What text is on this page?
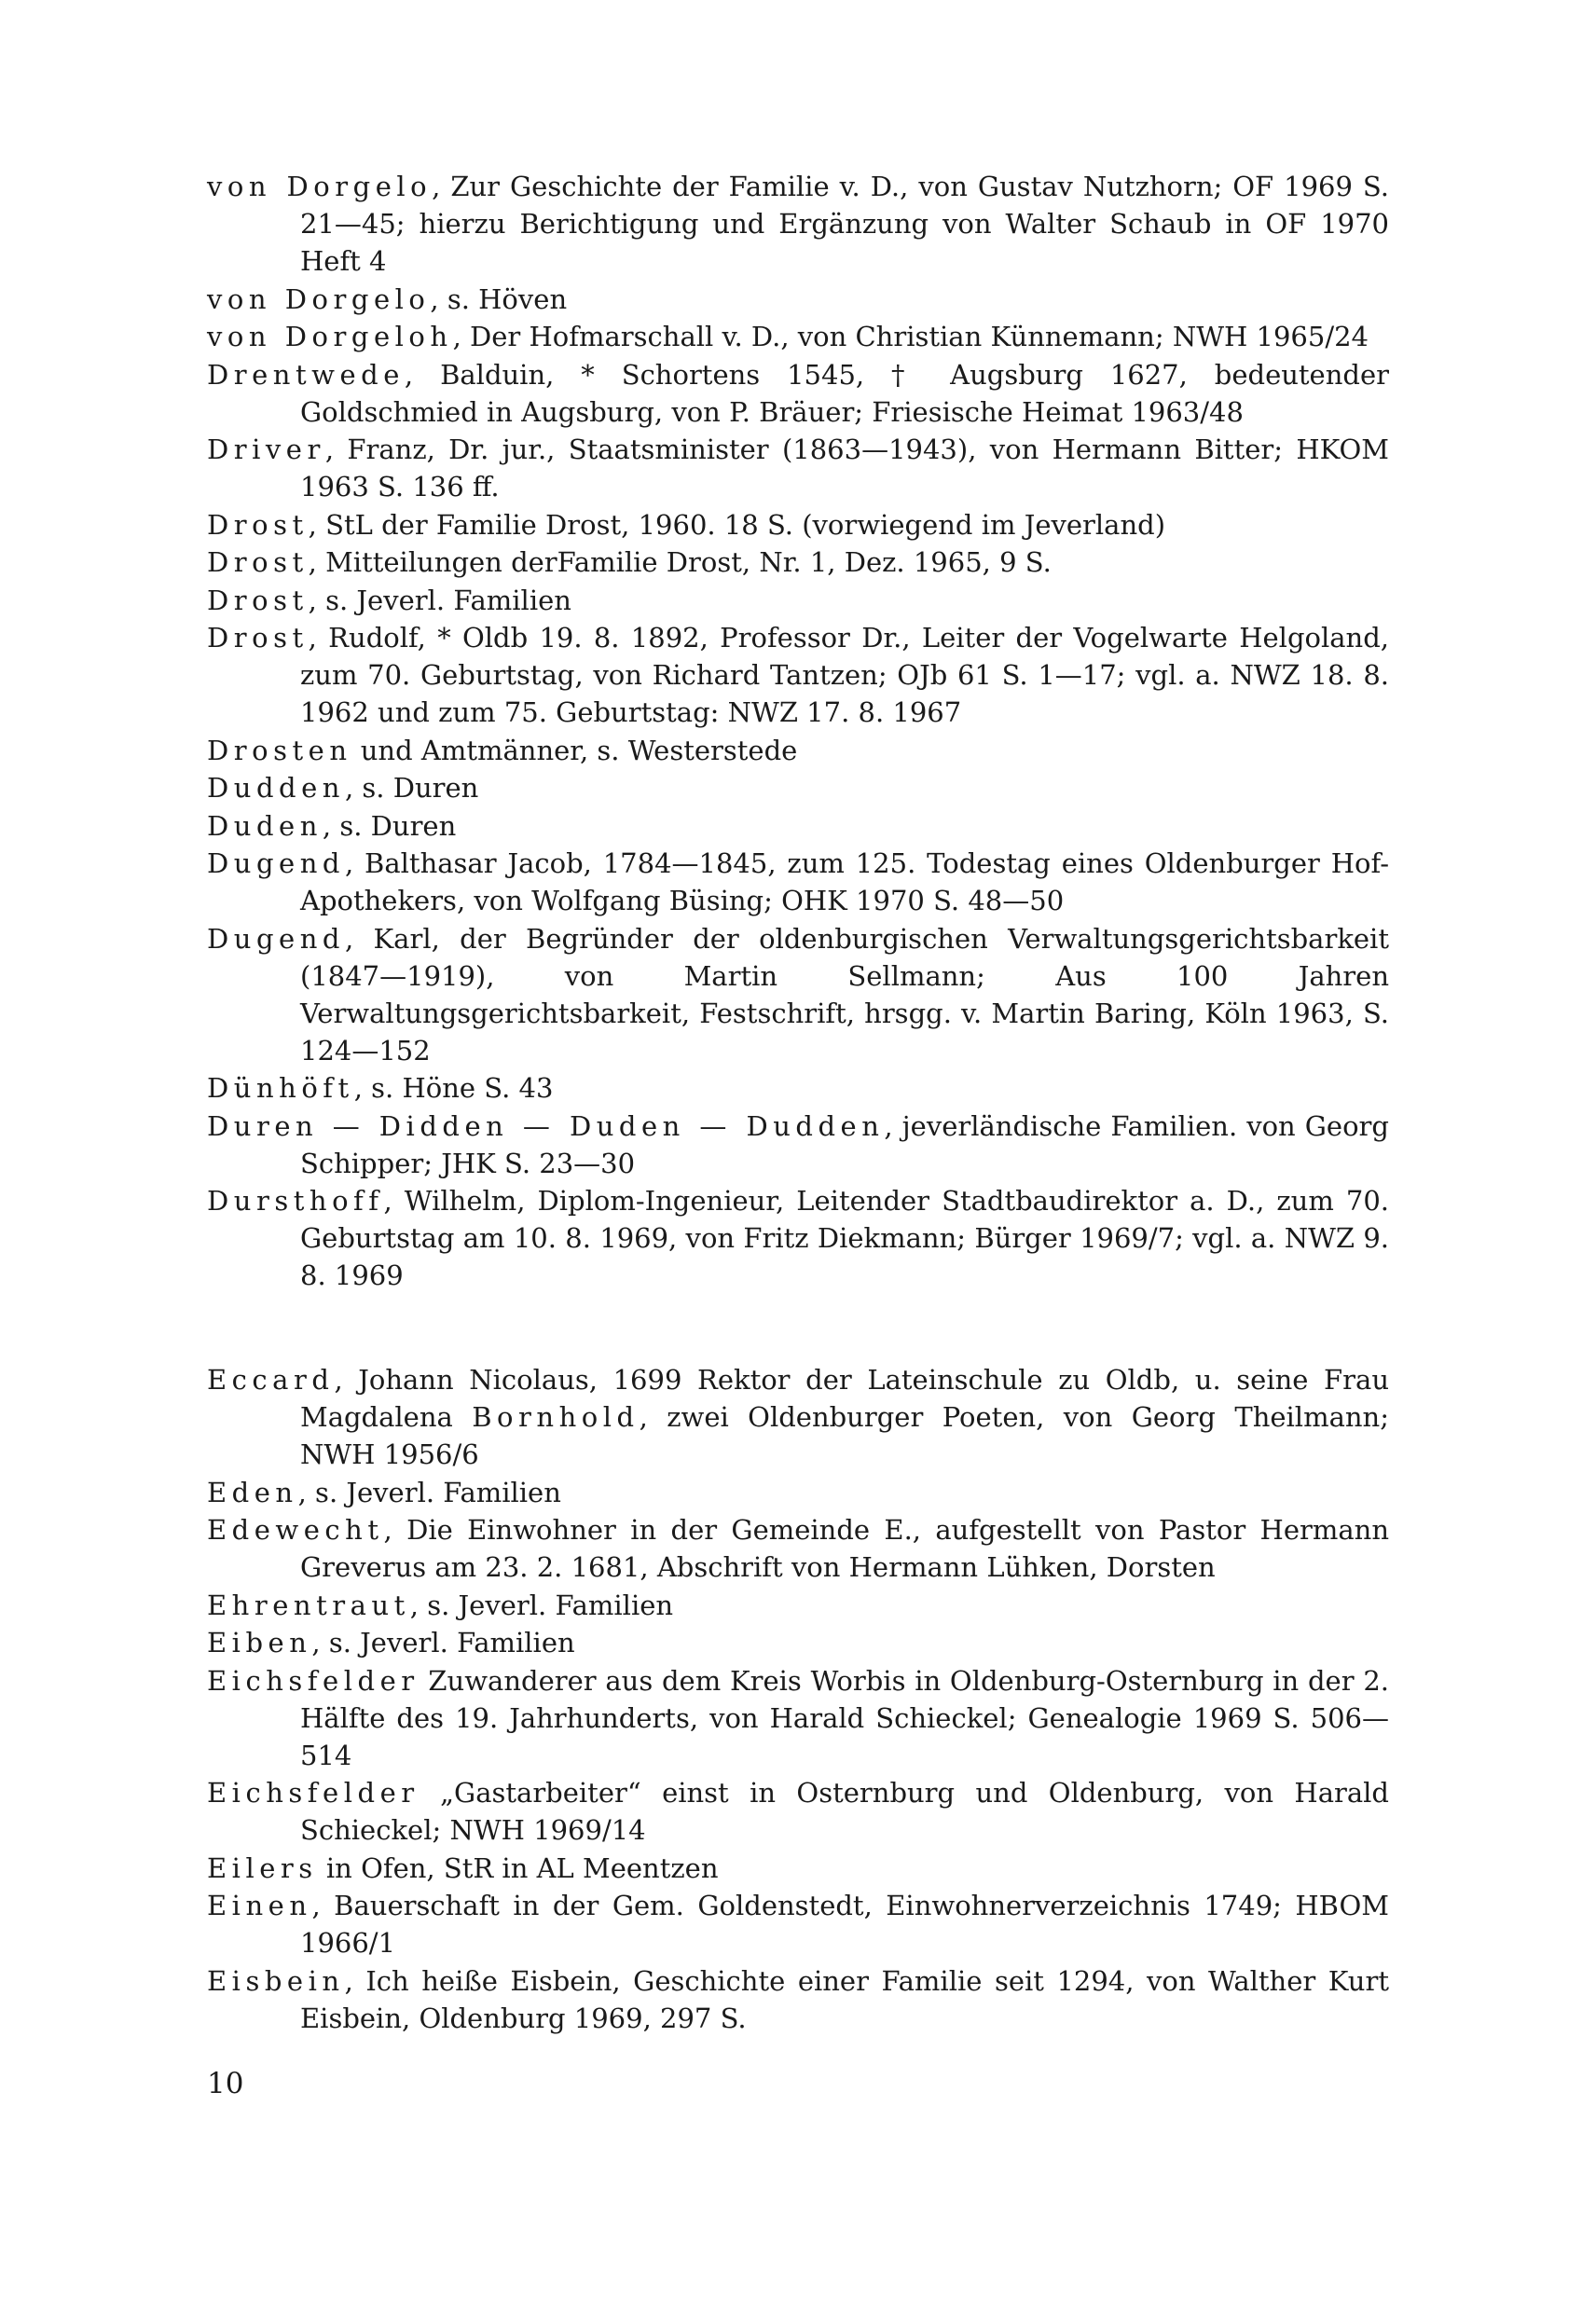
von Dorgelo, Zur Geschichte der Familie v. D., von Gustav Nutzhorn; OF 1969 S. 21—45; hierzu Berichtigung und Ergänzung von Walter Schaub in OF 1970 Heft 4

von Dorgelo, s. Höven

von Dorgeloh, Der Hofmarschall v. D., von Christian Künnemann; NWH 1965/24

Drentwede, Balduin, * Schortens 1545, † Augsburg 1627, bedeutender Goldschmied in Augsburg, von P. Bräuer; Friesische Heimat 1963/48

Driver, Franz, Dr. jur., Staatsminister (1863—1943), von Hermann Bitter; HKOM 1963 S. 136 ff.

Drost, StL der Familie Drost, 1960. 18 S. (vorwiegend im Jeverland)

Drost, Mitteilungen derFamilie Drost, Nr. 1, Dez. 1965, 9 S.

Drost, s. Jeverl. Familien

Drost, Rudolf, * Oldb 19. 8. 1892, Professor Dr., Leiter der Vogelwarte Helgoland, zum 70. Geburtstag, von Richard Tantzen; OJb 61 S. 1—17; vgl. a. NWZ 18. 8. 1962 und zum 75. Geburtstag: NWZ 17. 8. 1967

Drosten und Amtmänner, s. Westerstede

Dudden, s. Duren

Duden, s. Duren

Dugend, Balthasar Jacob, 1784—1845, zum 125. Todestag eines Oldenburger Hof-Apothekers, von Wolfgang Büsing; OHK 1970 S. 48—50

Dugend, Karl, der Begründer der oldenburgischen Verwaltungsgerichtsbarkeit (1847—1919), von Martin Sellmann; Aus 100 Jahren Verwaltungsgerichtsbarkeit, Festschrift, hrsgg. v. Martin Baring, Köln 1963, S. 124—152

Dünhöft, s. Höne S. 43

Duren — Didden — Duden — Dudden, jeverländische Familien. von Georg Schipper; JHK S. 23—30

Dursthoff, Wilhelm, Diplom-Ingenieur, Leitender Stadtbaudirektor a. D., zum 70. Geburtstag am 10. 8. 1969, von Fritz Diekmann; Bürger 1969/7; vgl. a. NWZ 9. 8. 1969

Eccard, Johann Nicolaus, 1699 Rektor der Lateinschule zu Oldb, u. seine Frau Magdalena Bornhold, zwei Oldenburger Poeten, von Georg Theilmann; NWH 1956/6

Eden, s. Jeverl. Familien

Edewecht, Die Einwohner in der Gemeinde E., aufgestellt von Pastor Hermann Greverus am 23. 2. 1681, Abschrift von Hermann Lühken, Dorsten

Ehrentraut, s. Jeverl. Familien

Eiben, s. Jeverl. Familien

Eichsfelder Zuwanderer aus dem Kreis Worbis in Oldenburg-Osternburg in der 2. Hälfte des 19. Jahrhunderts, von Harald Schieckel; Genealogie 1969 S. 506—514

Eichsfelder „Gastarbeiter“ einst in Osternburg und Oldenburg, von Harald Schieckel; NWH 1969/14

Eilers in Ofen, StR in AL Meentzen

Einen, Bauerschaft in der Gem. Goldenstedt, Einwohnerverzeichnis 1749; HBOM 1966/1

Eisbein, Ich heiße Eisbein, Geschichte einer Familie seit 1294, von Walther Kurt Eisbein, Oldenburg 1969, 297 S.

10
